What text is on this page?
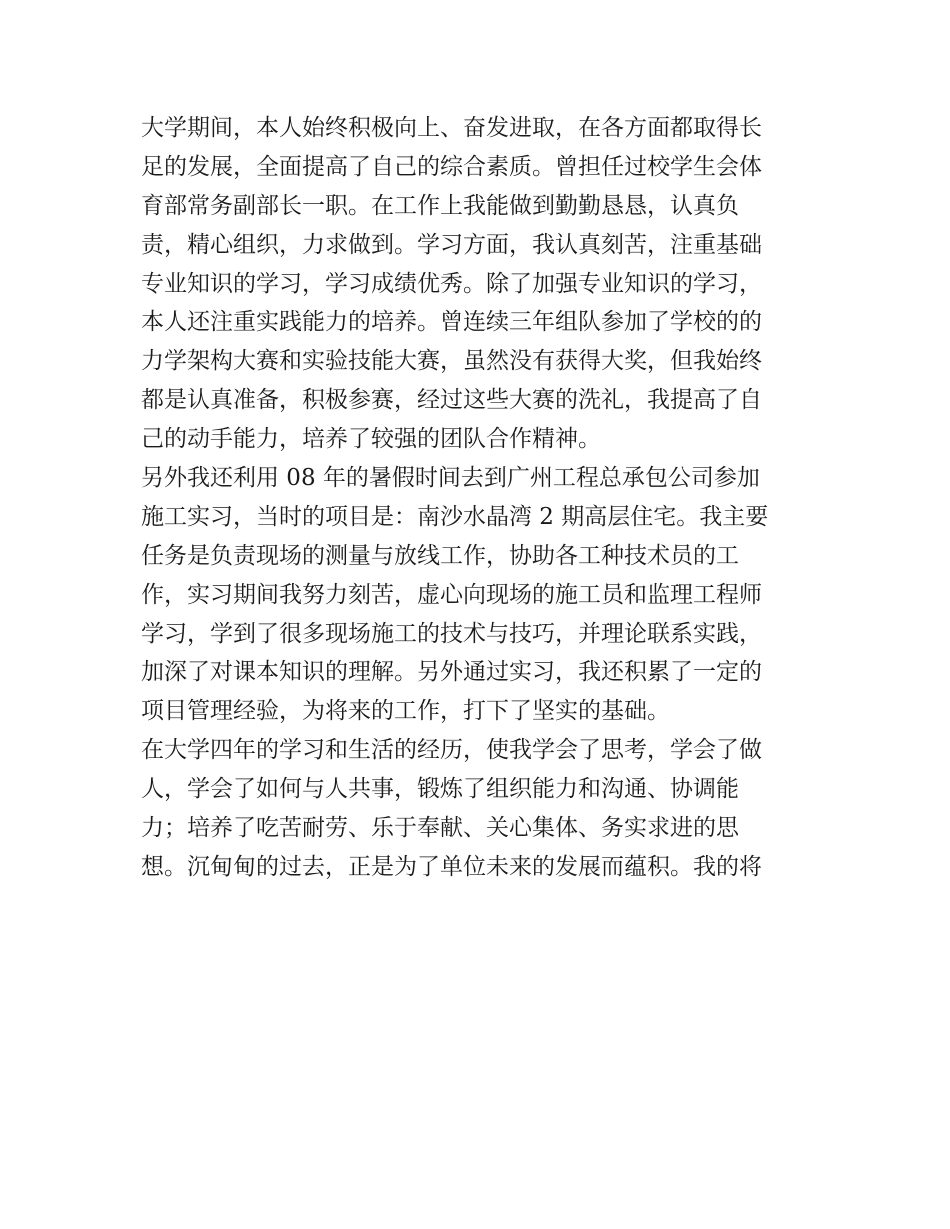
大学期间，本人始终积极向上、奋发进取，在各方面都取得长
足的发展，全面提高了自己的综合素质。曾担任过校学生会体
育部常务副部长一职。在工作上我能做到勤勤恳恳，认真负
责，精心组织，力求做到。学习方面，我认真刻苦，注重基础
专业知识的学习，学习成绩优秀。除了加强专业知识的学习，
本人还注重实践能力的培养。曾连续三年组队参加了学校的的
力学架构大赛和实验技能大赛，虽然没有获得大奖，但我始终
都是认真准备，积极参赛，经过这些大赛的洗礼，我提高了自
己的动手能力，培养了较强的团队合作精神。
另外我还利用 08 年的暑假时间去到广州工程总承包公司参加
施工实习，当时的项目是：南沙水晶湾 2 期高层住宅。我主要
任务是负责现场的测量与放线工作，协助各工种技术员的工
作，实习期间我努力刻苦，虚心向现场的施工员和监理工程师
学习，学到了很多现场施工的技术与技巧，并理论联系实践，
加深了对课本知识的理解。另外通过实习，我还积累了一定的
项目管理经验，为将来的工作，打下了坚实的基础。
在大学四年的学习和生活的经历，使我学会了思考，学会了做
人，学会了如何与人共事，锻炼了组织能力和沟通、协调能
力；培养了吃苦耐劳、乐于奉献、关心集体、务实求进的思
想。沉甸甸的过去，正是为了单位未来的发展而蕴积。我的将
